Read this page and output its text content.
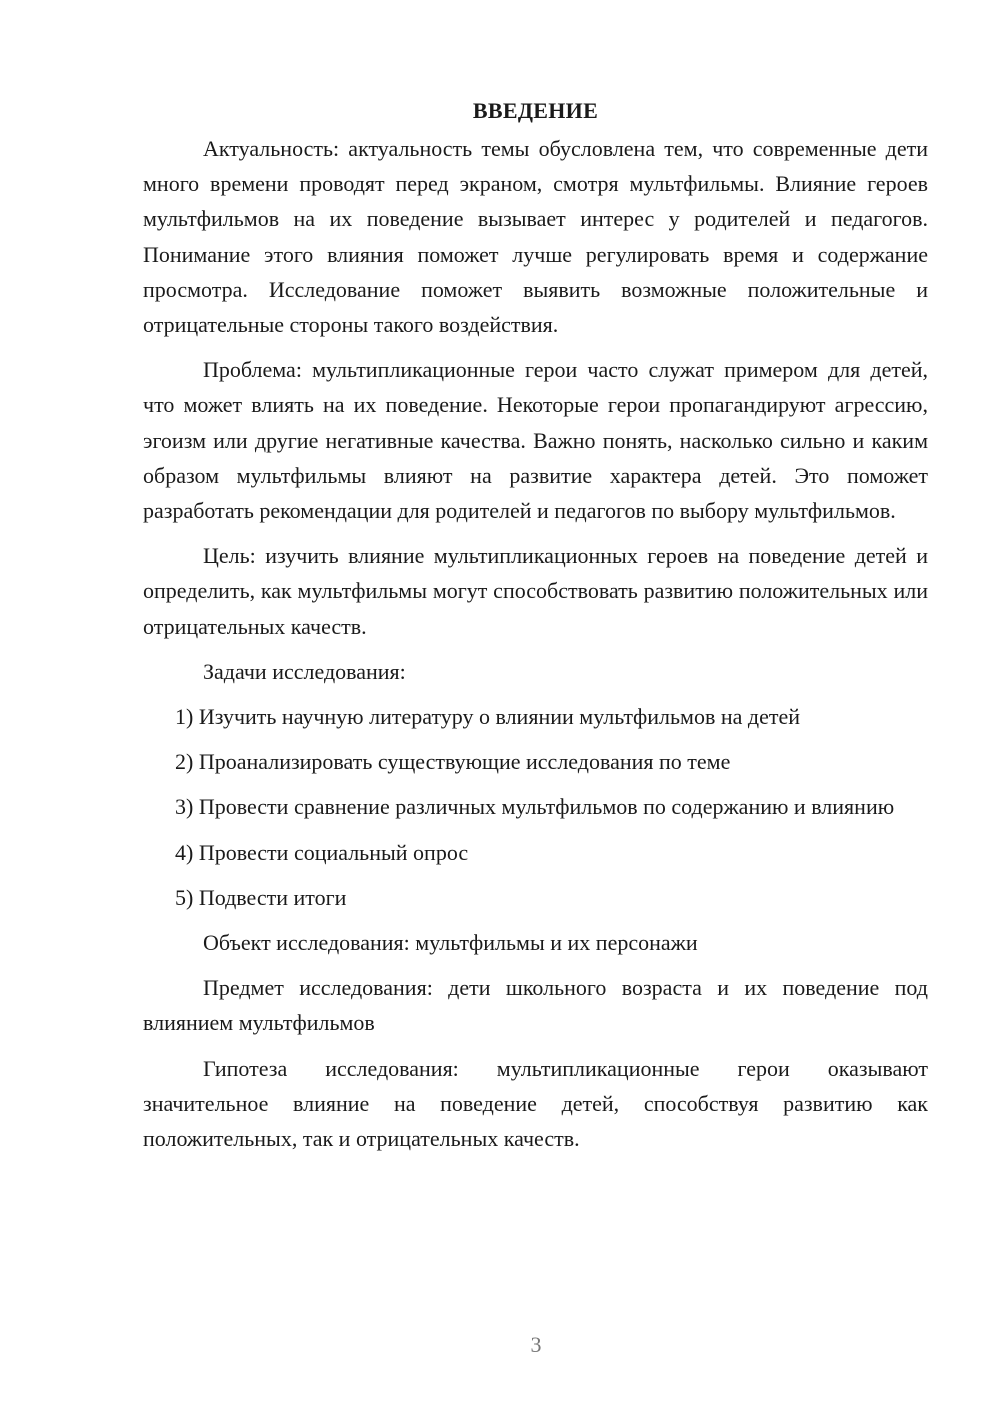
ВВЕДЕНИЕ

Актуальность: актуальность темы обусловлена тем, что современные дети много времени проводят перед экраном, смотря мультфильмы. Влияние героев мультфильмов на их поведение вызывает интерес у родителей и педагогов. Понимание этого влияния поможет лучше регулировать время и содержание просмотра. Исследование поможет выявить возможные положительные и отрицательные стороны такого воздействия.

Проблема: мультипликационные герои часто служат примером для детей, что может влиять на их поведение. Некоторые герои пропагандируют агрессию, эгоизм или другие негативные качества. Важно понять, насколько сильно и каким образом мультфильмы влияют на развитие характера детей. Это поможет разработать рекомендации для родителей и педагогов по выбору мультфильмов.

Цель: изучить влияние мультипликационных героев на поведение детей и определить, как мультфильмы могут способствовать развитию положительных или отрицательных качеств.

Задачи исследования:

1) Изучить научную литературу о влиянии мультфильмов на детей

2) Проанализировать существующие исследования по теме

3) Провести сравнение различных мультфильмов по содержанию и влиянию

4) Провести социальный опрос

5) Подвести итоги

Объект исследования: мультфильмы и их персонажи

Предмет исследования: дети школьного возраста и их поведение под влиянием мультфильмов

Гипотеза исследования: мультипликационные герои оказывают значительное влияние на поведение детей, способствуя развитию как положительных, так и отрицательных качеств.

3
